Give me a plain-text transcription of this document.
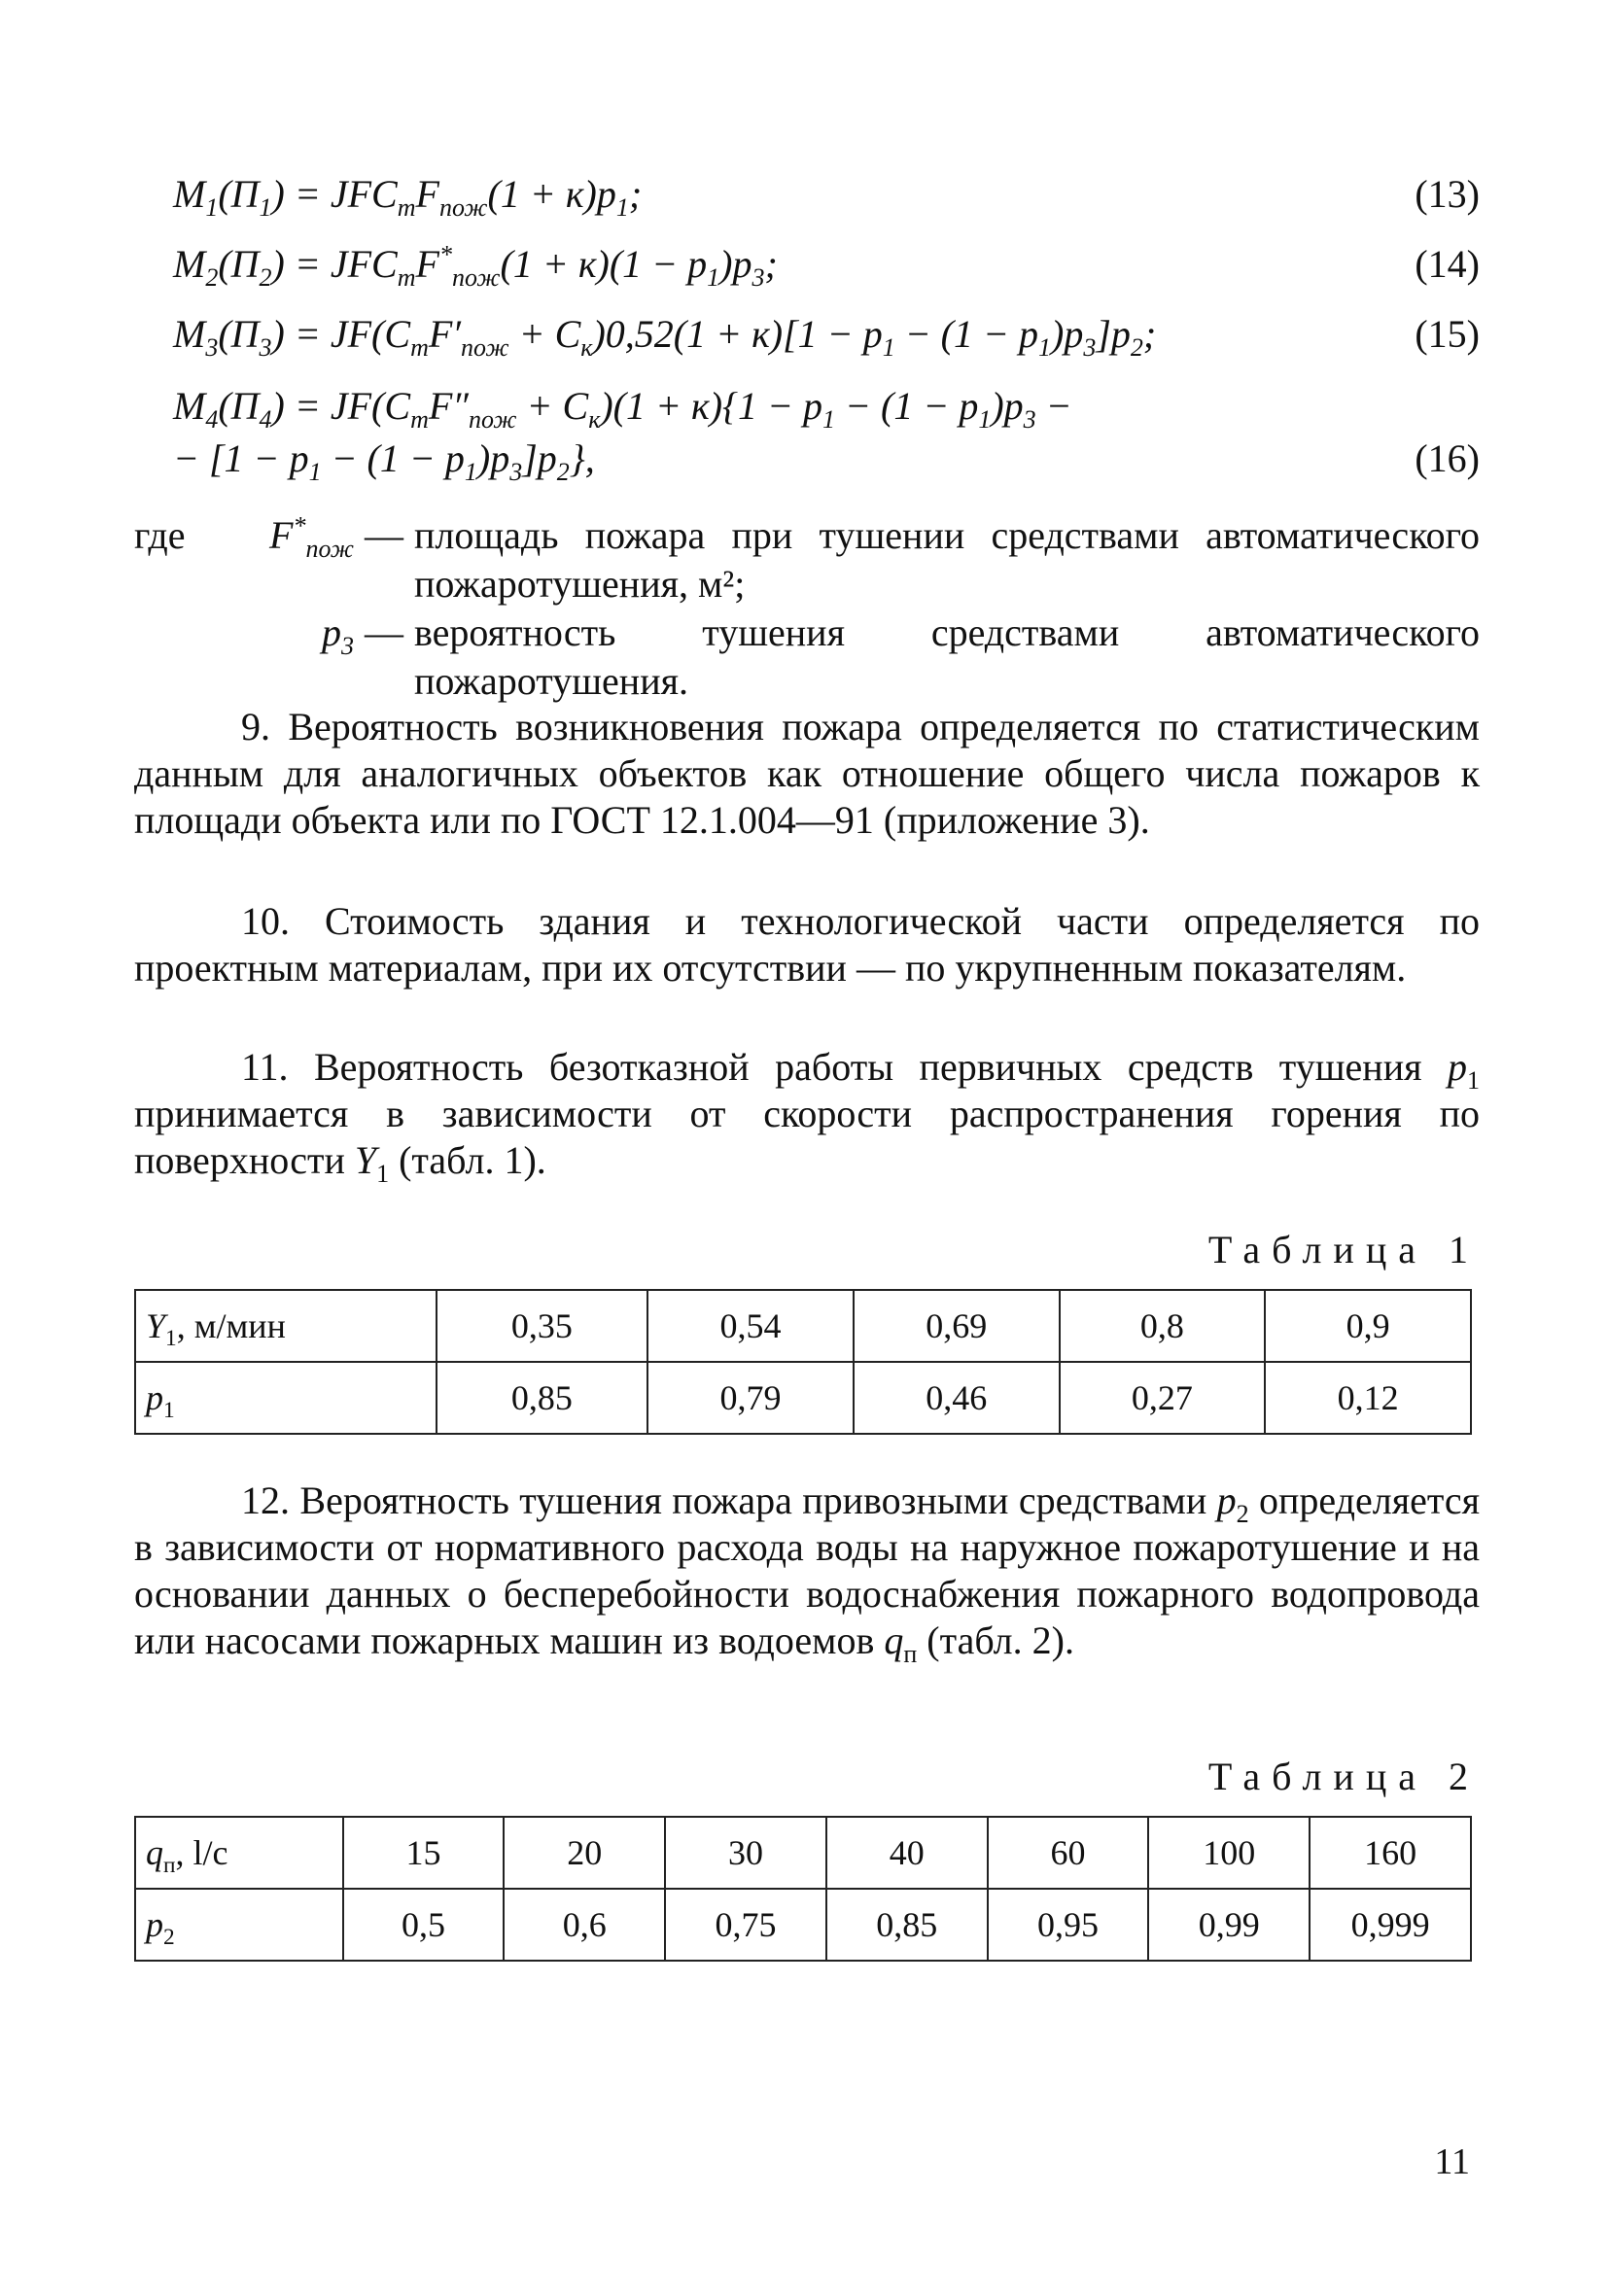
$M_1(П_1) = JFC_тF_{пож}(1 + к)p_1$;	(13)
$M_2(П_2) = JFC_тF^*_{пож}(1 + к)(1 - p_1)p_3$;	(14)
$M_3(П_3) = JF(C_тF'_{пож} + C_к)0,52(1 + к)[1 - p_1 - (1 - p_1)p_3]p_2$;	(15)
$M_4(П_4) = JF(C_тF''_{пож} + C_к)(1 + к)\{1 - p_1 - (1 - p_1)p_3$ −
− $[1 - p_1 - (1 - p_1)p_3]p_2$},	(16)
где	$F^*_{пож}$ — площадь пожара при тушении средствами автоматического пожаротушения, м²;
$p_3$ — вероятность тушения средствами автоматического пожаротушения.

9. Вероятность возникновения пожара определяется по статистическим данным для аналогичных объектов как отношение общего числа пожаров к площади объекта или по ГОСТ 12.1.004—91 (приложение 3).

10. Стоимость здания и технологической части определяется по проектным материалам, при их отсутствии — по укрупненным показателям.

11. Вероятность безотказной работы первичных средств тушения $p_1$ принимается в зависимости от скорости распространения горения по поверхности $Y_1$ (табл. 1).

Таблица 1
$Y_1$, м/мин	0,35	0,54	0,69	0,8	0,9
$p_1$	0,85	0,79	0,46	0,27	0,12

12. Вероятность тушения пожара привозными средствами $p_2$ определяется в зависимости от нормативного расхода воды на наружное пожаротушение и на основании данных о бесперебойности водоснабжения пожарного водопровода или насосами пожарных машин из водоемов $q_п$ (табл. 2).

Таблица 2
$q_п$, l/c	15	20	30	40	60	100	160
$p_2$	0,5	0,6	0,75	0,85	0,95	0,99	0,999
11
